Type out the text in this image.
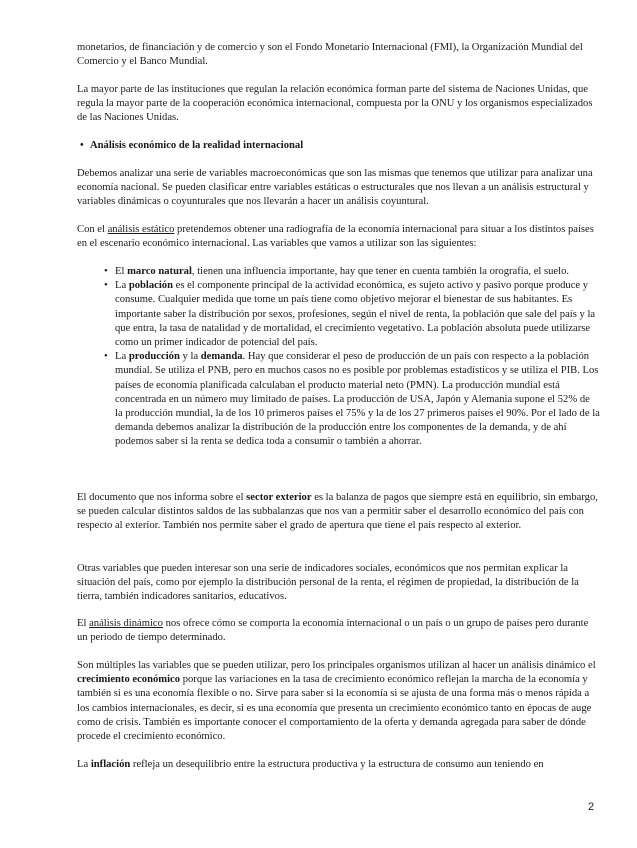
monetarios, de financiación y de comercio y son el Fondo Monetario Internacional (FMI), la Organización Mundial del Comercio y el Banco Mundial.

La mayor parte de las instituciones que regulan la relación económica forman parte del sistema de Naciones Unidas, que regula la mayor parte de la cooperación económica internacional, compuesta por la ONU y los organismos especializados de las Naciones Unidas.

• Análisis económico de la realidad internacional

Debemos analizar una serie de variables macroeconómicas que son las mismas que tenemos que utilizar para analizar una economía nacional. Se pueden clasificar entre variables estáticas o estructurales que nos llevan a un análisis estructural y variables dinámicas o coyunturales que nos llevarán a hacer un análisis coyuntural.

Con el análisis estático pretendemos obtener una radiografía de la economía internacional para situar a los distintos países en el escenario económico internacional. Las variables que vamos a utilizar son las siguientes:

• El marco natural, tienen una influencia importante, hay que tener en cuenta también la orografía, el suelo.
• La población es el componente principal de la actividad económica, es sujeto activo y pasivo porque produce y consume. Cualquier medida que tome un país tiene como objetivo mejorar el bienestar de sus habitantes. Es importante saber la distribución por sexos, profesiones, según el nivel de renta, la población que sale del país y la que entra, la tasa de natalidad y de mortalidad, el crecimiento vegetativo. La población absoluta puede utilizarse como un primer indicador de potencial del país.
• La producción y la demanda. Hay que considerar el peso de producción de un país con respecto a la población mundial. Se utiliza el PNB, pero en muchos casos no es posible por problemas estadísticos y se utiliza el PIB. Los países de economía planificada calculaban el producto material neto (PMN). La producción mundial está concentrada en un número muy limitado de países. La producción de USA, Japón y Alemania supone el 52% de la producción mundial, la de los 10 primeros países el 75% y la de los 27 primeros países el 90%. Por el lado de la demanda debemos analizar la distribución de la producción entre los componentes de la demanda, y de ahí podemos saber si la renta se dedica toda a consumir o también a ahorrar.

El documento que nos informa sobre el sector exterior es la balanza de pagos que siempre está en equilibrio, sin embargo, se pueden calcular distintos saldos de las subbalanzas que nos van a permitir saber el desarrollo económico del país con respecto al exterior. También nos permite saber el grado de apertura que tiene el país respecto al exterior.

Otras variables que pueden interesar son una serie de indicadores sociales, económicos que nos permitan explicar la situación del país, como por ejemplo la distribución personal de la renta, el régimen de propiedad, la distribución de la tierra, también indicadores sanitarios, educativos.

El análisis dinámico nos ofrece cómo se comporta la economía internacional o un país o un grupo de países pero durante un periodo de tiempo determinado.

Son múltiples las variables que se pueden utilizar, pero los principales organismos utilizan al hacer un análisis dinámico el crecimiento económico porque las variaciones en la tasa de crecimiento económico reflejan la marcha de la economía y también si es una economía flexible o no. Sirve para saber si la economía si se ajusta de una forma más o menos rápida a los cambios internacionales, es decir, si es una economía que presenta un crecimiento económico tanto en épocas de auge como de crisis. También es importante conocer el comportamiento de la oferta y demanda agregada para saber de dónde procede el crecimiento económico.

La inflación refleja un desequilibrio entre la estructura productiva y la estructura de consumo aun teniendo en

2
